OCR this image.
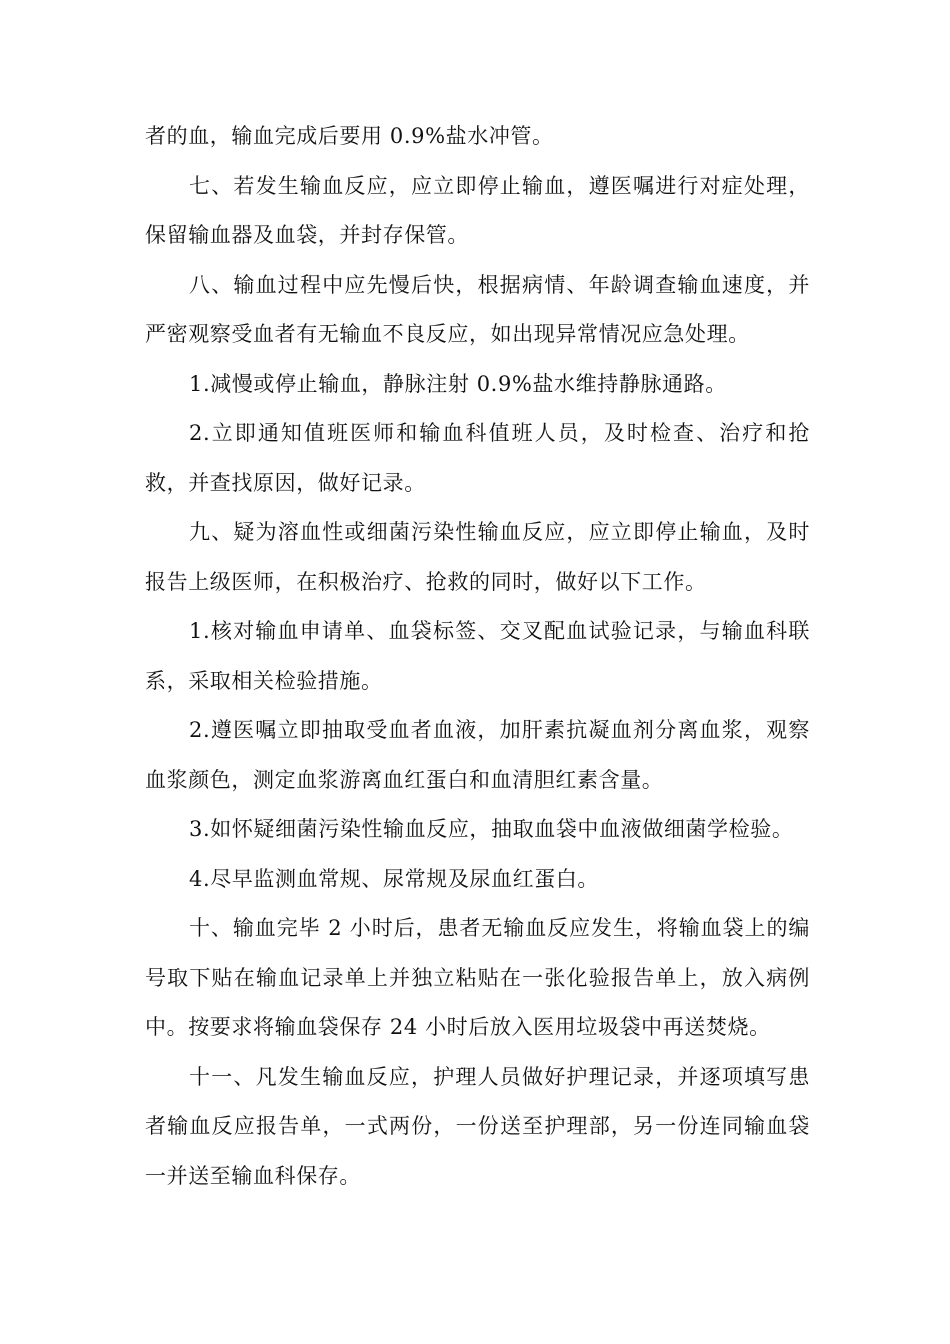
者的血，输血完成后要用 0.9%盐水冲管。

七、若发生输血反应，应立即停止输血，遵医嘱进行对症处理，保留输血器及血袋，并封存保管。

八、输血过程中应先慢后快，根据病情、年龄调查输血速度，并严密观察受血者有无输血不良反应，如出现异常情况应急处理。

1.减慢或停止输血，静脉注射 0.9%盐水维持静脉通路。

2.立即通知值班医师和输血科值班人员，及时检查、治疗和抢救，并查找原因，做好记录。

九、疑为溶血性或细菌污染性输血反应，应立即停止输血，及时报告上级医师，在积极治疗、抢救的同时，做好以下工作。

1.核对输血申请单、血袋标签、交叉配血试验记录，与输血科联系，采取相关检验措施。

2.遵医嘱立即抽取受血者血液，加肝素抗凝血剂分离血浆，观察血浆颜色，测定血浆游离血红蛋白和血清胆红素含量。

3.如怀疑细菌污染性输血反应，抽取血袋中血液做细菌学检验。

4.尽早监测血常规、尿常规及尿血红蛋白。

十、输血完毕 2 小时后，患者无输血反应发生，将输血袋上的编号取下贴在输血记录单上并独立粘贴在一张化验报告单上，放入病例中。按要求将输血袋保存 24 小时后放入医用垃圾袋中再送焚烧。

十一、凡发生输血反应，护理人员做好护理记录，并逐项填写患者输血反应报告单，一式两份，一份送至护理部，另一份连同输血袋一并送至输血科保存。
